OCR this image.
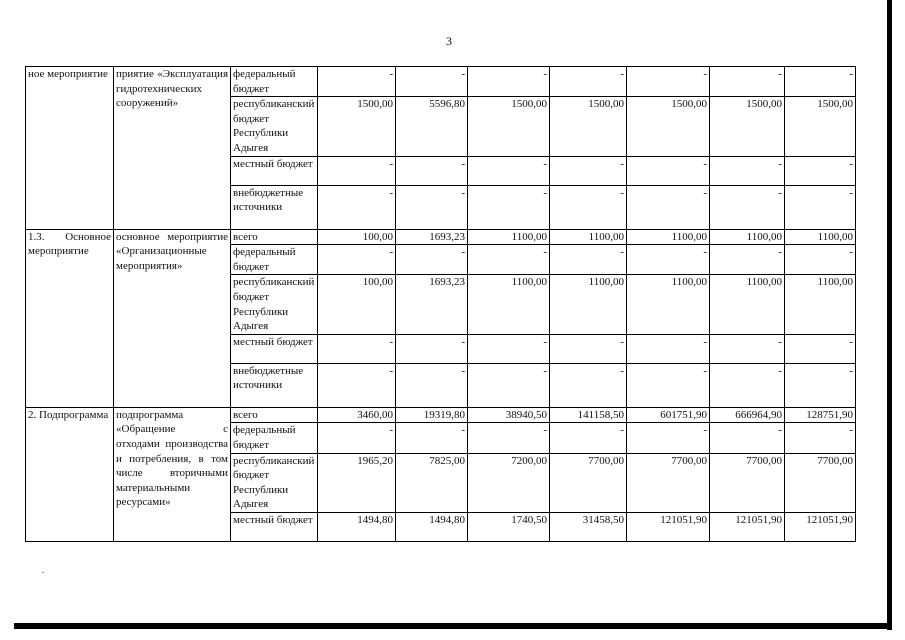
3
ное мероприятие	приятие «Эксплуатация гидротехнических сооружений»	федеральный бюджет	-	-	-	-	-	-	-
		республиканский бюджет Республики Адыгея	1500,00	5596,80	1500,00	1500,00	1500,00	1500,00	1500,00
		местный бюджет	-	-	-	-	-	-	-
		внебюджетные источники	-	-	-	-	-	-	-
1.3. Основное мероприятие	основное мероприятие «Организационные мероприятия»	всего	100,00	1693,23	1100,00	1100,00	1100,00	1100,00	1100,00
		федеральный бюджет	-	-	-	-	-	-	-
		республиканский бюджет Республики Адыгея	100,00	1693,23	1100,00	1100,00	1100,00	1100,00	1100,00
		местный бюджет	-	-	-	-	-	-	-
		внебюджетные источники	-	-	-	-	-	-	-
2. Подпрограмма	подпрограмма «Обращение с отходами производства и потребления, в том числе вторичными материальными ресурсами»	всего	3460,00	19319,80	38940,50	141158,50	601751,90	666964,90	128751,90
		федеральный бюджет	-	-	-	-	-	-	-
		республиканский бюджет Республики Адыгея	1965,20	7825,00	7200,00	7700,00	7700,00	7700,00	7700,00
		местный бюджет	1494,80	1494,80	1740,50	31458,50	121051,90	121051,90	121051,90
